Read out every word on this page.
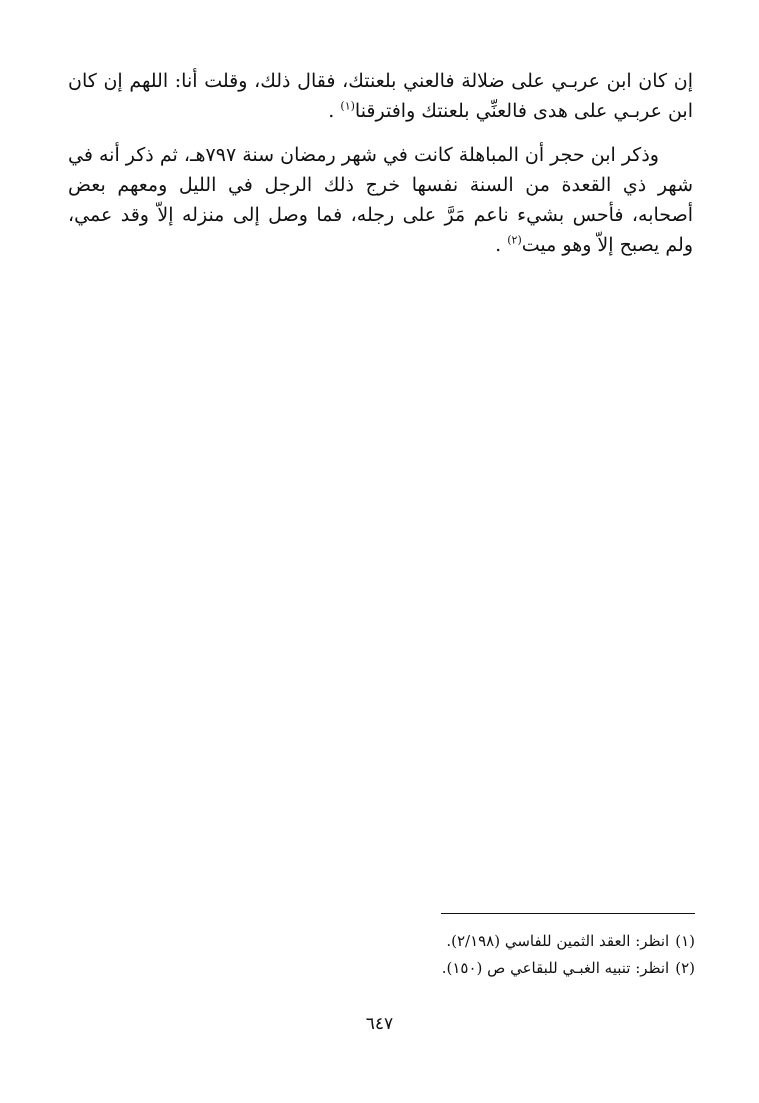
إن كان ابن عربـي على ضلالة فالعني بلعنتك، فقال ذلك، وقلت أنا: اللهم إن كان ابن عربـي على هدى فالعنِّي بلعنتك وافترقنا$^{(١)}$ .

وذكر ابن حجر أن المباهلة كانت في شهر رمضان سنة ٧٩٧هـ، ثم ذكر أنه في شهر ذي القعدة من السنة نفسها خرج ذلك الرجل في الليل ومعهم بعض أصحابه، فأحس بشيء ناعم مَرَّ على رجله، فما وصل إلى منزله إلاّ وقد عمي، ولم يصبح إلاّ وهو ميت$^{(٢)}$ .

(١)انظر: العقد الثمين للفاسي (٢/١٩٨).
(٢)انظر: تنبيه الغبـي للبقاعي ص (١٥٠).
٦٤٧
